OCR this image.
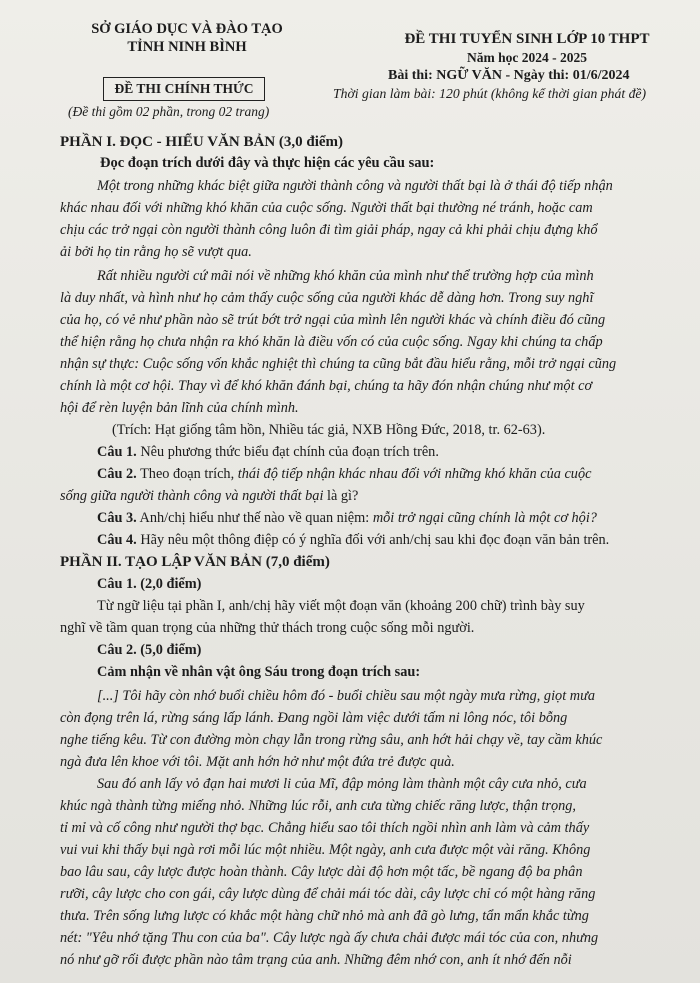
SỞ GIÁO DỤC VÀ ĐÀO TẠO
TỈNH NINH BÌNH
ĐỀ THI CHÍNH THỨC
(Đề thi gồm 02 phần, trong 02 trang)
ĐỀ THI TUYỂN SINH LỚP 10 THPT
Năm học 2024 - 2025
Bài thi: NGỮ VĂN - Ngày thi: 01/6/2024
Thời gian làm bài: 120 phút (không kể thời gian phát đề)
PHẦN I. ĐỌC - HIỂU VĂN BẢN (3,0 điểm)
Đọc đoạn trích dưới đây và thực hiện các yêu cầu sau:
Một trong những khác biệt giữa người thành công và người thất bại là ở thái độ tiếp nhận
khác nhau đối với những khó khăn của cuộc sống. Người thất bại thường né tránh, hoặc cam
chịu các trở ngại còn người thành công luôn đi tìm giải pháp, ngay cả khi phải chịu đựng khổ
ải bởi họ tin rằng họ sẽ vượt qua.
Rất nhiều người cứ mãi nói về những khó khăn của mình như thể trường hợp của mình
là duy nhất, và hình như họ cảm thấy cuộc sống của người khác dễ dàng hơn. Trong suy nghĩ
của họ, có vẻ như phần nào sẽ trút bớt trở ngại của mình lên người khác và chính điều đó cũng
thể hiện rằng họ chưa nhận ra khó khăn là điều vốn có của cuộc sống. Ngay khi chúng ta chấp
nhận sự thực: Cuộc sống vốn khắc nghiệt thì chúng ta cũng bắt đầu hiểu rằng, mỗi trở ngại cũng
chính là một cơ hội. Thay vì để khó khăn đánh bại, chúng ta hãy đón nhận chúng như một cơ
hội để rèn luyện bản lĩnh của chính mình.
(Trích: Hạt giống tâm hồn, Nhiều tác giả, NXB Hồng Đức, 2018, tr. 62-63).
Câu 1. Nêu phương thức biểu đạt chính của đoạn trích trên.
Câu 2. Theo đoạn trích, thái độ tiếp nhận khác nhau đối với những khó khăn của cuộc
sống giữa người thành công và người thất bại là gì?
Câu 3. Anh/chị hiểu như thế nào về quan niệm: mỗi trở ngại cũng chính là một cơ hội?
Câu 4. Hãy nêu một thông điệp có ý nghĩa đối với anh/chị sau khi đọc đoạn văn bản trên.
PHẦN II. TẠO LẬP VĂN BẢN (7,0 điểm)
Câu 1. (2,0 điểm)
Từ ngữ liệu tại phần I, anh/chị hãy viết một đoạn văn (khoảng 200 chữ) trình bày suy
nghĩ về tầm quan trọng của những thử thách trong cuộc sống mỗi người.
Câu 2. (5,0 điểm)
Cảm nhận về nhân vật ông Sáu trong đoạn trích sau:
[...] Tôi hãy còn nhớ buổi chiều hôm đó - buổi chiều sau một ngày mưa rừng, giọt mưa
còn đọng trên lá, rừng sáng lấp lánh. Đang ngồi làm việc dưới tấm ni lông nóc, tôi bỗng
nghe tiếng kêu. Từ con đường mòn chạy lẫn trong rừng sâu, anh hớt hải chạy về, tay cầm khúc
ngà đưa lên khoe với tôi. Mặt anh hớn hở như một đứa trẻ được quà.
Sau đó anh lấy vỏ đạn hai mươi li của Mĩ, đập mỏng làm thành một cây cưa nhỏ, cưa
khúc ngà thành từng miếng nhỏ. Những lúc rỗi, anh cưa từng chiếc răng lược, thận trọng,
tỉ mỉ và cố công như người thợ bạc. Chẳng hiểu sao tôi thích ngồi nhìn anh làm và cảm thấy
vui vui khi thấy bụi ngà rơi mỗi lúc một nhiều. Một ngày, anh cưa được một vài răng. Không
bao lâu sau, cây lược được hoàn thành. Cây lược dài độ hơn một tấc, bề ngang độ ba phân
rưỡi, cây lược cho con gái, cây lược dùng để chải mái tóc dài, cây lược chỉ có một hàng răng
thưa. Trên sống lưng lược có khắc một hàng chữ nhỏ mà anh đã gò lưng, tẩn mẩn khắc từng
nét: "Yêu nhớ tặng Thu con của ba". Cây lược ngà ấy chưa chải được mái tóc của con, nhưng
nó như gỡ rối được phần nào tâm trạng của anh. Những đêm nhớ con, anh ít nhớ đến nỗi
